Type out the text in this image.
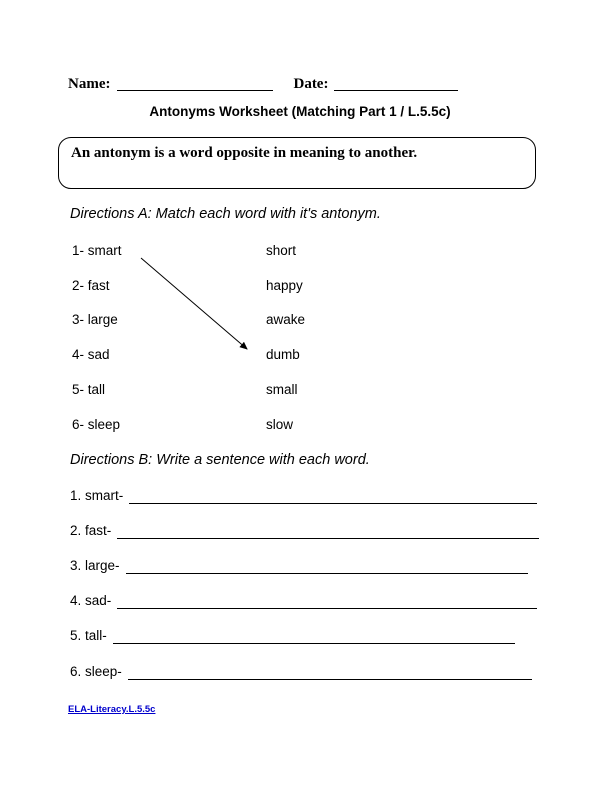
Name:	Date:
Antonyms Worksheet (Matching Part 1 / L.5.5c)
An antonym is a word opposite in meaning to another.
Directions A: Match each word with it's antonym.
1- smart	short
2- fast	happy
3- large	awake
4- sad	dumb
5- tall	small
6- sleep	slow
Directions B: Write a sentence with each word.
1. smart-
2. fast-
3. large-
4. sad-
5. tall-
6. sleep-
ELA-Literacy.L.5.5c
